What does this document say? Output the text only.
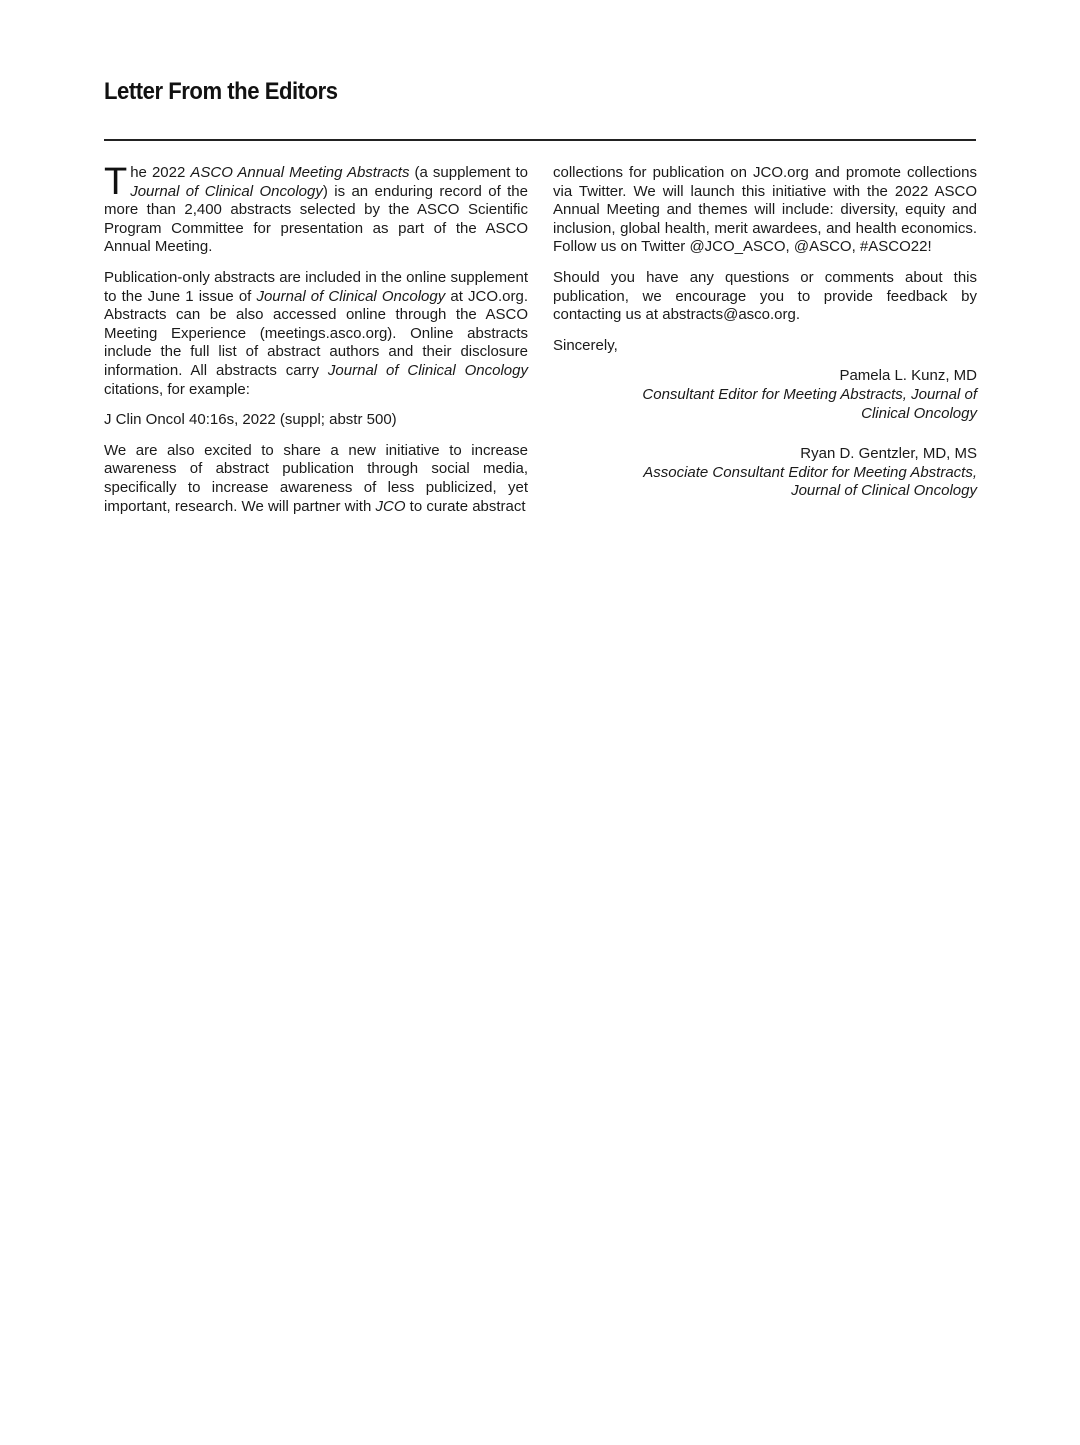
Letter From the Editors

The 2022 ASCO Annual Meeting Abstracts (a supplement to Journal of Clinical Oncology) is an enduring record of the more than 2,400 abstracts selected by the ASCO Scientific Program Committee for presentation as part of the ASCO Annual Meeting.

Publication-only abstracts are included in the online supplement to the June 1 issue of Journal of Clinical Oncology at JCO.org. Abstracts can be also accessed online through the ASCO Meeting Experience (meetings.asco.org). Online abstracts include the full list of abstract authors and their disclosure information. All abstracts carry Journal of Clinical Oncology citations, for example:

J Clin Oncol 40:16s, 2022 (suppl; abstr 500)

We are also excited to share a new initiative to increase awareness of abstract publication through social media, specifically to increase awareness of less publicized, yet important, research. We will partner with JCO to curate abstract

collections for publication on JCO.org and promote collections via Twitter. We will launch this initiative with the 2022 ASCO Annual Meeting and themes will include: diversity, equity and inclusion, global health, merit awardees, and health economics. Follow us on Twitter @JCO_ASCO, @ASCO, #ASCO22!

Should you have any questions or comments about this publication, we encourage you to provide feedback by contacting us at abstracts@asco.org.

Sincerely,

Pamela L. Kunz, MD
Consultant Editor for Meeting Abstracts, Journal of Clinical Oncology
Ryan D. Gentzler, MD, MS
Associate Consultant Editor for Meeting Abstracts, Journal of Clinical Oncology
